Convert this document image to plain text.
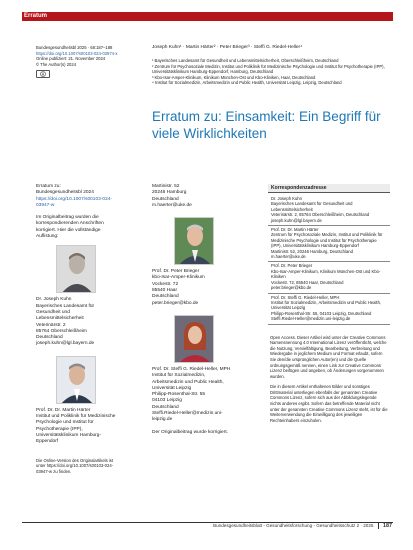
Erratum
Bundesgesundheitsbl 2025 · 68:187–188
https://doi.org/10.1007/s00103-024-03974-x
Online publiziert: 21. November 2024
© The Author(s) 2024
Joseph Kuhn¹ · Martin Härter² · Peter Brieger³ · Steffi G. Riedel-Heller⁴
¹ Bayerisches Landesamt für Gesundheit und Lebensmittelsicherheit, Oberschleißheim, Deutschland
² Zentrum für Psychosoziale Medizin, Institut und Poliklinik für Medizinische Psychologie und Institut für Psychotherapie (IPP), Universitätsklinikum Hamburg-Eppendorf, Hamburg, Deutschland
³ Kbo-Isar-Amper-Klinikum, Klinikum München-Ost und Kbo-Kliniken, Haar, Deutschland
⁴ Institut für Sozialmedizin, Arbeitsmedizin und Public Health, Universität Leipzig, Leipzig, Deutschland
Erratum zu: Einsamkeit: Ein Begriff für viele Wirklichkeiten
Erratum zu:
Bundesgesundheitsbl 2024
https://doi.org/10.1007/s00103-024-03947-w
Im Originalbeitrag wurden die korrespondierenden Anschriften korrigiert. Hier die vollständige Auflistung:
Dr. Joseph Kuhn
Bayerisches Landesamt für Gesundheit und Lebensmittelsicherheit
Veterinärstr. 2
85764 Oberschleißheim
Deutschland
joseph.kuhn@lgl.bayern.de
Prof. Dr. Dr. Martin Härter
Institut und Poliklinik für Medizinische Psychologie und Institut für Psychotherapie (IPP), Universitätsklinikum Hamburg-Eppendorf
Die Online-Version des Originalartikels ist unter https://doi.org/10.1007/s00103-024-03947-w zu finden.
Martinistr. 52
20246 Hamburg
Deutschland
m.haerter@uke.de
Prof. Dr. Peter Brieger
kbo-Isar-Amper-Klinikum
Vockestr. 72
85540 Haar
Deutschland
peter.brieger@kbo.de
Prof. Dr. Steffi G. Riedel-Heller, MPH
Institut für Sozialmedizin, Arbeitsmedizin und Public Health, Universität Leipzig
Philipp-Rosenthal-Str. 55
04103 Leipzig
Deutschland
Steffi.Riedel-Heller@medizin.uni-leipzig.de
Der Originalbeitrag wurde korrigiert.
Korrespondenzadresse
Dr. Joseph Kuhn
Bayerisches Landesamt für Gesundheit und Lebensmittelsicherheit
Veterinärstr. 2, 85764 Oberschleißheim, Deutschland
joseph.kuhn@lgl.bayern.de
Prof. Dr. Dr. Martin Härter
Zentrum für Psychosoziale Medizin, Institut und Poliklinik für Medizinische Psychologie und Institut für Psychotherapie (IPP), Universitätsklinikum Hamburg-Eppendorf
Martinistr. 52, 20246 Hamburg, Deutschland
m.haerter@uke.de
Prof. Dr. Peter Brieger
Kbo-Isar-Amper-Klinikum, Klinikum München-Ost und Kbo-Kliniken
Vockestr. 72, 85540 Haar, Deutschland
peter.brieger@kbo.de
Prof. Dr. Steffi G. Riedel-Heller, MPH
Institut für Sozialmedizin, Arbeitsmedizin und Public Health, Universität Leipzig
Philipp-Rosenthal-Str. 55, 04103 Leipzig, Deutschland
Steffi.Riedel-Heller@medizin.uni-leipzig.de
Open Access. Dieser Artikel wird unter der Creative Commons Namensnennung 4.0 International Lizenz veröffentlicht, welche die Nutzung, Vervielfältigung, Bearbeitung, Verbreitung und Wiedergabe in jeglichem Medium und Format erlaubt, sofern Sie den/die ursprünglichen Autor(en) und die Quelle ordnungsgemäß nennen, einen Link zur Creative Commons Lizenz beifügen und angeben, ob Änderungen vorgenommen wurden.
Die in diesem Artikel enthaltenen Bilder und sonstiges Drittmaterial unterliegen ebenfalls der genannten Creative Commons Lizenz, sofern sich aus der Abbildungslegende nichts anderes ergibt. Sofern das betreffende Material nicht unter der genannten Creative Commons Lizenz steht, ist für die Weiterverwendung die Einwilligung des jeweiligen Rechteinhabers einzuholen.
Bundesgesundheitsblatt - Gesundheitsforschung - Gesundheitsschutz 2 · 2025 187
